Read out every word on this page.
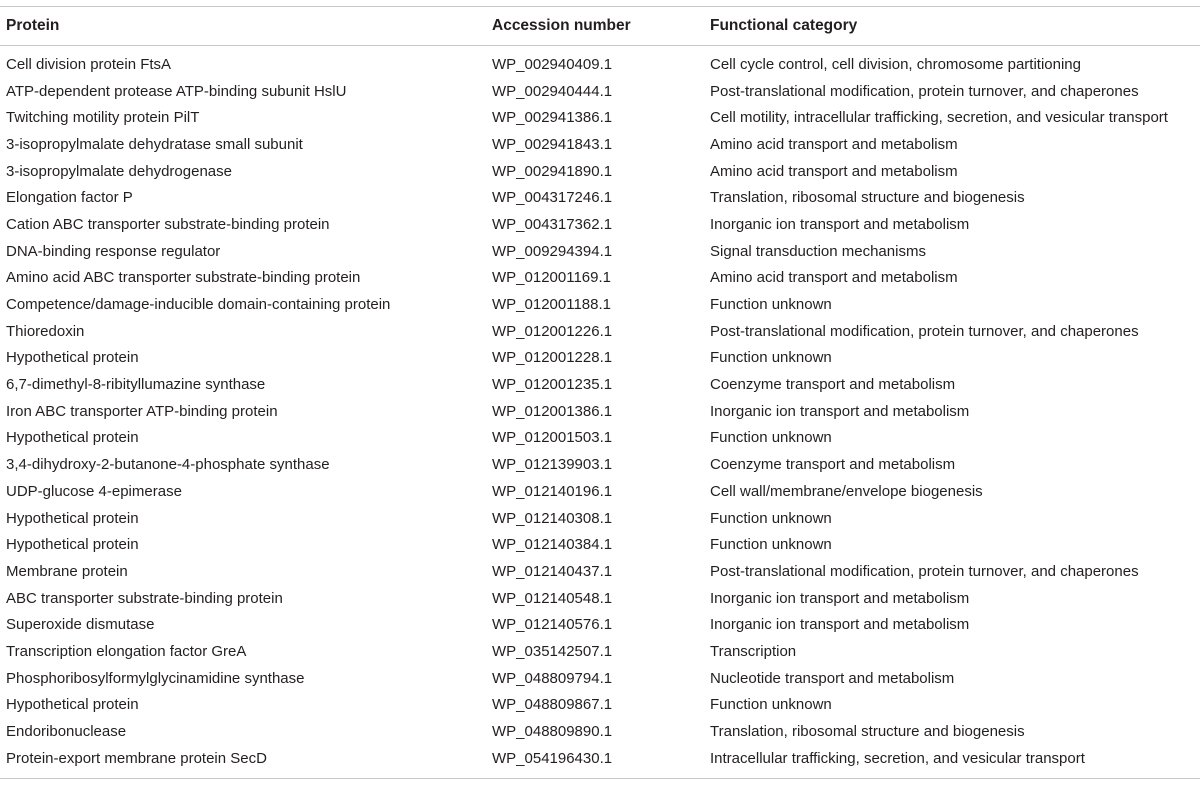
Protein	Accession number	Functional category
Cell division protein FtsA	WP_002940409.1	Cell cycle control, cell division, chromosome partitioning
ATP-dependent protease ATP-binding subunit HslU	WP_002940444.1	Post-translational modification, protein turnover, and chaperones
Twitching motility protein PilT	WP_002941386.1	Cell motility, intracellular trafficking, secretion, and vesicular transport
3-isopropylmalate dehydratase small subunit	WP_002941843.1	Amino acid transport and metabolism
3-isopropylmalate dehydrogenase	WP_002941890.1	Amino acid transport and metabolism
Elongation factor P	WP_004317246.1	Translation, ribosomal structure and biogenesis
Cation ABC transporter substrate-binding protein	WP_004317362.1	Inorganic ion transport and metabolism
DNA-binding response regulator	WP_009294394.1	Signal transduction mechanisms
Amino acid ABC transporter substrate-binding protein	WP_012001169.1	Amino acid transport and metabolism
Competence/damage-inducible domain-containing protein	WP_012001188.1	Function unknown
Thioredoxin	WP_012001226.1	Post-translational modification, protein turnover, and chaperones
Hypothetical protein	WP_012001228.1	Function unknown
6,7-dimethyl-8-ribityllumazine synthase	WP_012001235.1	Coenzyme transport and metabolism
Iron ABC transporter ATP-binding protein	WP_012001386.1	Inorganic ion transport and metabolism
Hypothetical protein	WP_012001503.1	Function unknown
3,4-dihydroxy-2-butanone-4-phosphate synthase	WP_012139903.1	Coenzyme transport and metabolism
UDP-glucose 4-epimerase	WP_012140196.1	Cell wall/membrane/envelope biogenesis
Hypothetical protein	WP_012140308.1	Function unknown
Hypothetical protein	WP_012140384.1	Function unknown
Membrane protein	WP_012140437.1	Post-translational modification, protein turnover, and chaperones
ABC transporter substrate-binding protein	WP_012140548.1	Inorganic ion transport and metabolism
Superoxide dismutase	WP_012140576.1	Inorganic ion transport and metabolism
Transcription elongation factor GreA	WP_035142507.1	Transcription
Phosphoribosylformylglycinamidine synthase	WP_048809794.1	Nucleotide transport and metabolism
Hypothetical protein	WP_048809867.1	Function unknown
Endoribonuclease	WP_048809890.1	Translation, ribosomal structure and biogenesis
Protein-export membrane protein SecD	WP_054196430.1	Intracellular trafficking, secretion, and vesicular transport
